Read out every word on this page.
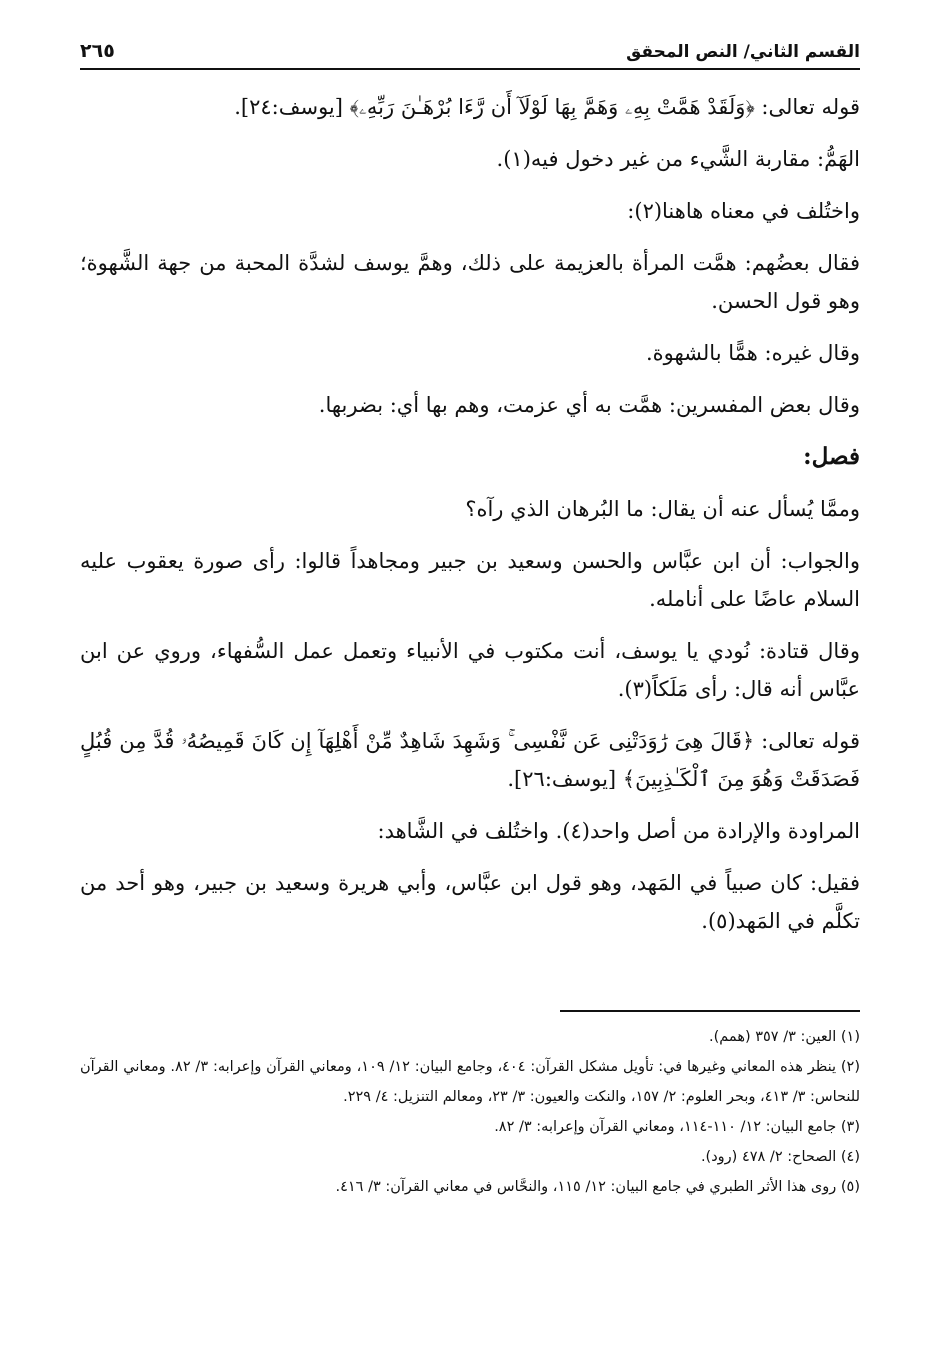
القسم الثاني/ النص المحقق
٢٦٥

قوله تعالى: ﴿وَلَقَدْ هَمَّتْ بِهِۦ وَهَمَّ بِهَا لَوْلَآ أَن رَّءَا بُرْهَـٰنَ رَبِّهِۦ﴾ [يوسف:٢٤].

الهَمُّ: مقاربة الشَّيء من غير دخول فيه(١).

واختُلف في معناه هاهنا(٢):

فقال بعضُهم: همَّت المرأة بالعزيمة على ذلك، وهمَّ يوسف لشدَّة المحبة من جهة الشَّهوة؛ وهو قول الحسن.

وقال غيره: همًّا بالشهوة.

وقال بعض المفسرين: همَّت به أي عزمت، وهم بها أي: بضربها.

فصل:

وممَّا يُسأل عنه أن يقال: ما البُرهان الذي رآه؟

والجواب: أن ابن عبَّاس والحسن وسعيد بن جبير ومجاهداً قالوا: رأى صورة يعقوب عليه السلام عاضًا على أنامله.

وقال قتادة: نُودي يا يوسف، أنت مكتوب في الأنبياء وتعمل عمل السُّفهاء، وروي عن ابن عبَّاس أنه قال: رأى مَلَكاً(٣).

قوله تعالى: ﴿قَالَ هِىَ رَٰوَدَتْنِى عَن نَّفْسِى ۚ وَشَهِدَ شَاهِدٌ مِّنْ أَهْلِهَآ إِن كَانَ قَمِيصُهُۥ قُدَّ مِن قُبُلٍ فَصَدَقَتْ وَهُوَ مِنَ ٱلْكَـٰذِبِينَ﴾ [يوسف:٢٦].

المراودة والإرادة من أصل واحد(٤). واختُلف في الشَّاهد:

فقيل: كان صبياً في المَهد، وهو قول ابن عبَّاس، وأبي هريرة وسعيد بن جبير، وهو أحد من تكلَّم في المَهد(٥).

(١) العين: ٣/ ٣٥٧ (همم).

(٢) ينظر هذه المعاني وغيرها في: تأويل مشكل القرآن: ٤٠٤، وجامع البيان: ١٢/ ١٠٩، ومعاني القرآن وإعرابه: ٣/ ٨٢. ومعاني القرآن للنحاس: ٣/ ٤١٣، وبحر العلوم: ٢/ ١٥٧، والنكت والعيون: ٣/ ٢٣، ومعالم التنزيل: ٤/ ٢٢٩.

(٣) جامع البيان: ١٢/ ١١٠-١١٤، ومعاني القرآن وإعرابه: ٣/ ٨٢.

(٤) الصحاح: ٢/ ٤٧٨ (رود).

(٥) روى هذا الأثر الطبري في جامع البيان: ١٢/ ١١٥، والنحَّاس في معاني القرآن: ٣/ ٤١٦.
